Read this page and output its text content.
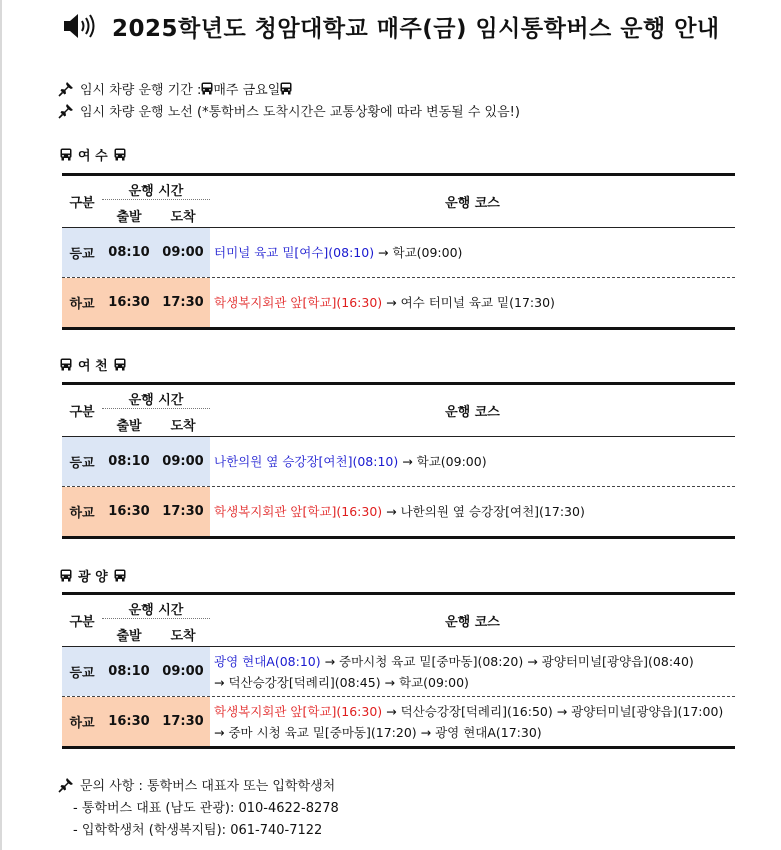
2025학년도 청암대학교 매주(금) 임시통학버스 운행 안내
임시 차량 운행 기간 : 매주 금요일
임시 차량 운행 노선 (*통학버스 도착시간은 교통상황에 따라 변동될 수 있음!)
여 수
구분
운행 시간
출발	도착
운행 코스
등교	08:10 09:00 터미널 육교 밑[여수](08:10) → 학교(09:00)
하교	16:30 17:30 학생복지회관 앞[학교](16:30) → 여수 터미널 육교 밑(17:30)
여 천
구분
운행 시간
출발	도착
운행 코스
등교	08:10 09:00 나한의원 옆 승강장[여천](08:10) → 학교(09:00)
하교	16:30 17:30 학생복지회관 앞[학교](16:30) → 나한의원 옆 승강장[여천](17:30)
광 양
구분
운행 시간
출발	도착
운행 코스
등교	08:10 09:00
광영 현대A(08:10) → 중마시청 육교 밑[중마동](08:20) → 광양터미널[광양읍](08:40)
→ 덕산승강장[덕례리](08:45) → 학교(09:00)
하교	16:30 17:30
학생복지회관 앞[학교](16:30) → 덕산승강장[덕례리](16:50) → 광양터미널[광양읍](17:00)
→ 중마 시청 육교 밑[중마동](17:20) → 광영 현대A(17:30)
문의 사항 : 통학버스 대표자 또는 입학학생처
- 통학버스 대표 (남도 관광): 010-4622-8278
- 입학학생처 (학생복지팀): 061-740-7122
